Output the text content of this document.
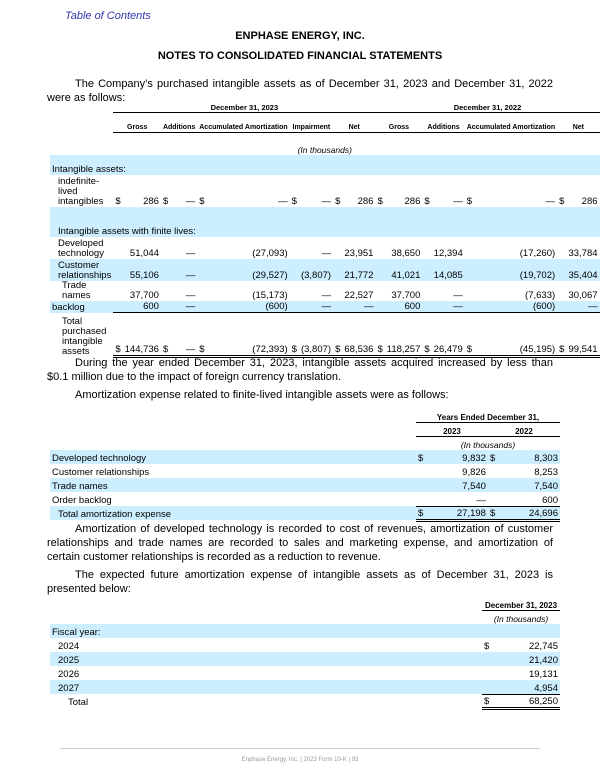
Table of Contents
ENPHASE ENERGY, INC.
NOTES TO CONSOLIDATED FINANCIAL STATEMENTS
The Company’s purchased intangible assets as of December 31, 2023 and December 31, 2022 were as follows:
	December 31, 2023										December 31, 2022							
	Gross		Additions		Accumulated Amortization		Impairment		Net		Gross		Additions		Accumulated Amortization		Net	
(In thousands)																		
Intangible assets:																		
indefinite-lived intangibles	$	286	$	—	$	—	$	—	$	286	$	286	$	—	$	—	$	286
Intangible assets with finite lives:																		
Developed technology		51,044		—		(27,093)		—		23,951		38,650		12,394		(17,260)		33,784
Customer relationships		55,106		—		(29,527)		(3,807)		21,772		41,021		14,085		(19,702)		35,404
Trade names		37,700		—		(15,173)		—		22,527		37,700		—		(7,633)		30,067
backlog		600		—		(600)		—		—		600		—		(600)		—
Total purchased intangible assets	$	144,736	$	—	$	(72,393)	$	(3,807)	$	68,536	$	118,257	$	26,479	$	(45,195)	$	99,541
During the year ended December 31, 2023, intangible assets acquired increased by less than $0.1 million due to the impact of foreign currency translation.
Amortization expense related to finite-lived intangible assets were as follows:
	Years Ended December 31,			
	2023		2022	
	(In thousands)			
Developed technology	$	9,832	$	8,303
Customer relationships		9,826		8,253
Trade names		7,540		7,540
Order backlog		—		600
Total amortization expense	$	27,198	$	24,696
Amortization of developed technology is recorded to cost of revenues, amortization of customer relationships and trade names are recorded to sales and marketing expense, and amortization of certain customer relationships is recorded as a reduction to revenue.
The expected future amortization expense of intangible assets as of December 31, 2023 is presented below:
	December 31, 2023	
	(In thousands)	
Fiscal year:		
2024	$	22,745
2025		21,420
2026		19,131
2027		4,954
Total	$	68,250
Enphase Energy, Inc. | 2023 Form 10-K | 93
